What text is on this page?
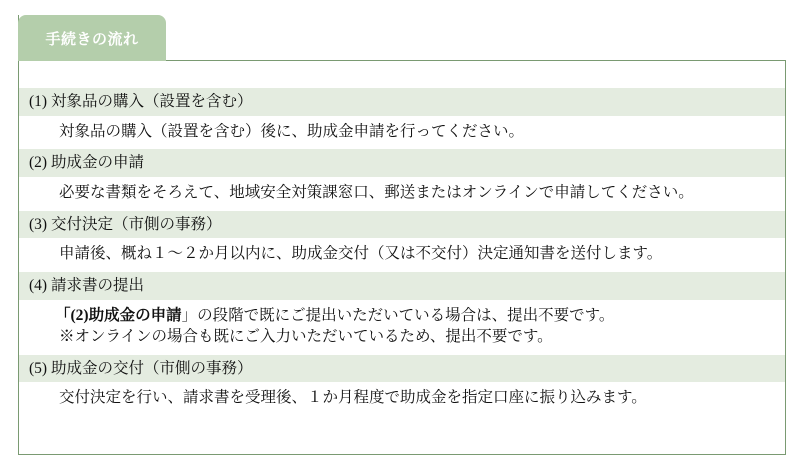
手続きの流れ
(1) 対象品の購入（設置を含む）
対象品の購入（設置を含む）後に、助成金申請を行ってください。
(2) 助成金の申請
必要な書類をそろえて、地域安全対策課窓口、郵送またはオンラインで申請してください。
(3) 交付決定（市側の事務）
申請後、概ね１～２か月以内に、助成金交付（又は不交付）決定通知書を送付します。
(4) 請求書の提出
「(2)助成金の申請」の段階で既にご提出いただいている場合は、提出不要です。
※オンラインの場合も既にご入力いただいているため、提出不要です。
(5) 助成金の交付（市側の事務）
交付決定を行い、請求書を受理後、１か月程度で助成金を指定口座に振り込みます。
